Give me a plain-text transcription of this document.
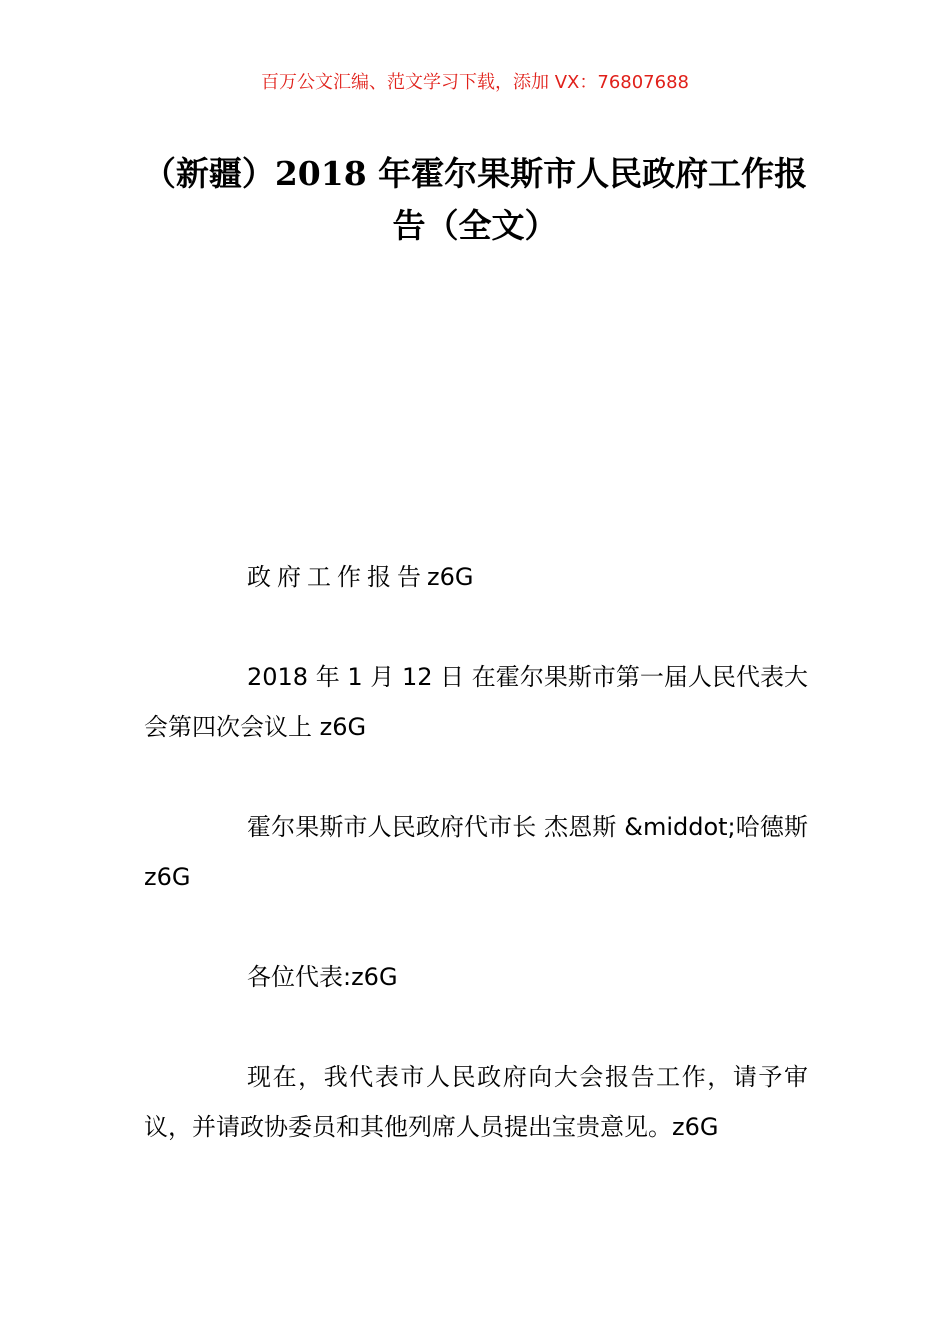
百万公文汇编、范文学习下载，添加 VX：76807688
（新疆）2018 年霍尔果斯市人民政府工作报告（全文）

政府工作报告z6G

2018 年 1 月 12 日 在霍尔果斯市第一届人民代表大会第四次会议上 z6G

霍尔果斯市人民政府代市长 杰恩斯 &middot;哈德斯 z6G

各位代表:z6G

现在，我代表市人民政府向大会报告工作，请予审议，并请政协委员和其他列席人员提出宝贵意见。z6G
